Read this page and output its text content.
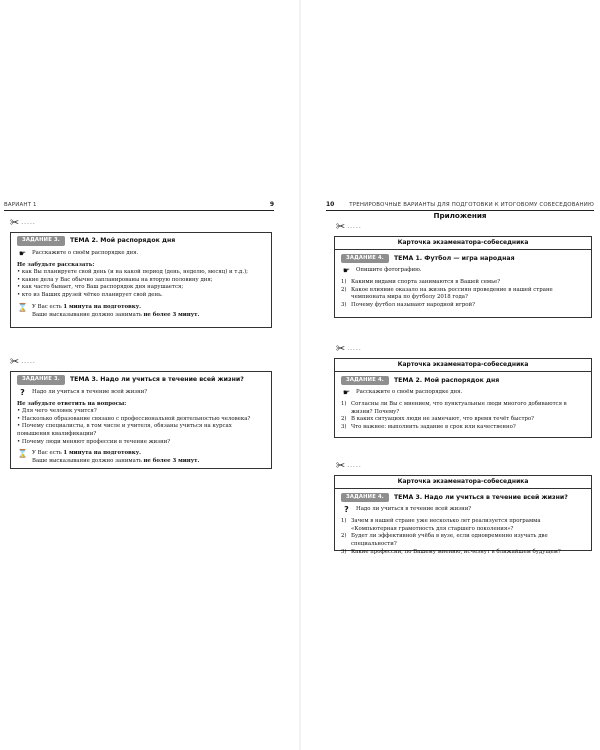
ВАРИАНТ 1	9
✂ .....
ЗАДАНИЕ 3.	ТЕМА 2. Мой распорядок дня
☛	Расскажите о своём распорядке дня.
Не забудьте рассказать:
• как Вы планируете свой день (и на какой период (день, неделю, месяц) и т.д.);
• какие дела у Вас обычно запланированы на вторую половину дня;
• как часто бывает, что Ваш распорядок дня нарушается;
• кто из Ваших друзей чётко планирует свой день.
⌛ У Вас есть 1 минута на подготовку.
Ваше высказывание должно занимать не более 3 минут.
✂ .....
ЗАДАНИЕ 3.	ТЕМА 3. Надо ли учиться в течение всей жизни?
?	Надо ли учиться в течение всей жизни?
Не забудьте ответить на вопросы:
• Для чего человек учится?
• Насколько образование связано с профессиональной деятельностью человека?
• Почему специалисты, в том числе и учителя, обязаны учиться на курсах повышения квалификации?
• Почему люди меняют профессии в течение жизни?
⌛ У Вас есть 1 минута на подготовку.
Ваше высказывание должно занимать не более 3 минут.
10	ТРЕНИРОВОЧНЫЕ ВАРИАНТЫ ДЛЯ ПОДГОТОВКИ К ИТОГОВОМУ СОБЕСЕДОВАНИЮ
Приложения
✂ .....
Карточка экзаменатора-собеседника
ЗАДАНИЕ 4.	ТЕМА 1. Футбол — игра народная
☛	Опишите фотографию.
1) Какими видами спорта занимаются в Вашей семье?
2) Какое влияние оказало на жизнь россиян проведение в нашей стране чемпионата мира по футболу 2018 года?
3) Почему футбол называют народной игрой?
✂ .....
Карточка экзаменатора-собеседника
ЗАДАНИЕ 4.	ТЕМА 2. Мой распорядок дня
☛	Расскажите о своём распорядке дня.
1) Согласны ли Вы с мнением, что пунктуальные люди многого добиваются в жизни? Почему?
2) В каких ситуациях люди не замечают, что время течёт быстро?
3) Что важнее: выполнить задание в срок или качественно?
✂ .....
Карточка экзаменатора-собеседника
ЗАДАНИЕ 4.	ТЕМА 3. Надо ли учиться в течение всей жизни?
?	Надо ли учиться в течение всей жизни?
1) Зачем в нашей стране уже несколько лет реализуется программа «Компьютерная грамотность для старшего поколения»?
2) Будет ли эффективной учёба в вузе, если одновременно изучать две специальности?
3) Какие профессии, по Вашему мнению, исчезнут в ближайшем будущем?
